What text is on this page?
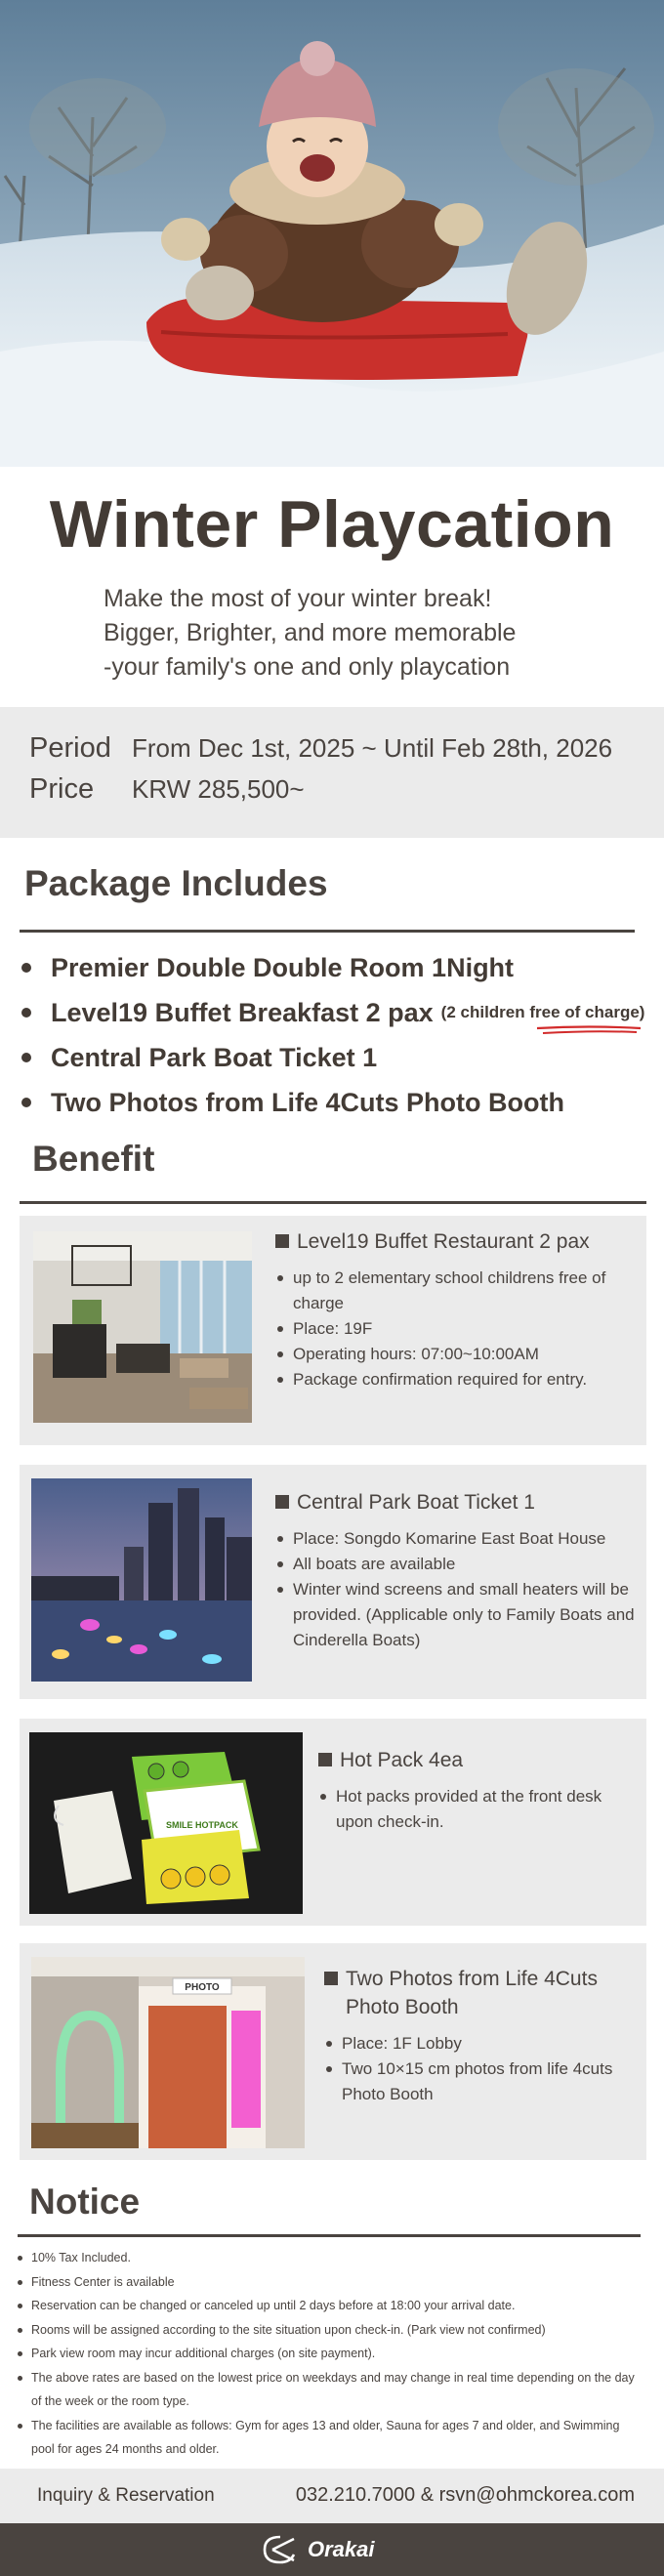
Winter Playcation
Make the most of your winter break!
Bigger, Brighter, and more memorable
-your family's one and only playcation
Period From Dec 1st, 2025 ~ Until Feb 28th, 2026
Price	KRW 285,500~
Package Includes
Premier Double Double Room 1Night
Level19 Buffet Breakfast 2 pax (2 children free of charge)
Central Park Boat Ticket 1
Two Photos from Life 4Cuts Photo Booth
Benefit
Level19 Buffet Restaurant 2 pax
up to 2 elementary school childrens free of charge
Place: 19F
Operating hours: 07:00~10:00AM
Package confirmation required for entry.
Central Park Boat Ticket 1
Place: Songdo Komarine East Boat House
All boats are available
Winter wind screens and small heaters will be provided. (Applicable only to Family Boats and Cinderella Boats)
SMILE HOTPACK
Hot Pack 4ea
Hot packs provided at the front desk upon check-in.
PHOTO	Two Photos from Life 4Cuts Photo Booth
Place: 1F Lobby
Two 10×15 cm photos from life 4cuts Photo Booth
Notice
10% Tax Included.
Fitness Center is available
Reservation can be changed or canceled up until 2 days before at 18:00 your arrival date.
Rooms will be assigned according to the site situation upon check-in. (Park view not confirmed)
Park view room may incur additional charges (on site payment).
The above rates are based on the lowest price on weekdays and may change in real time depending on the day of the week or the room type.
The facilities are available as follows: Gym for ages 13 and older, Sauna for ages 7 and older, and Swimming pool for ages 24 months and older.
Inquiry & Reservation	032.210.7000 & rsvn@ohmckorea.com
Orakai
